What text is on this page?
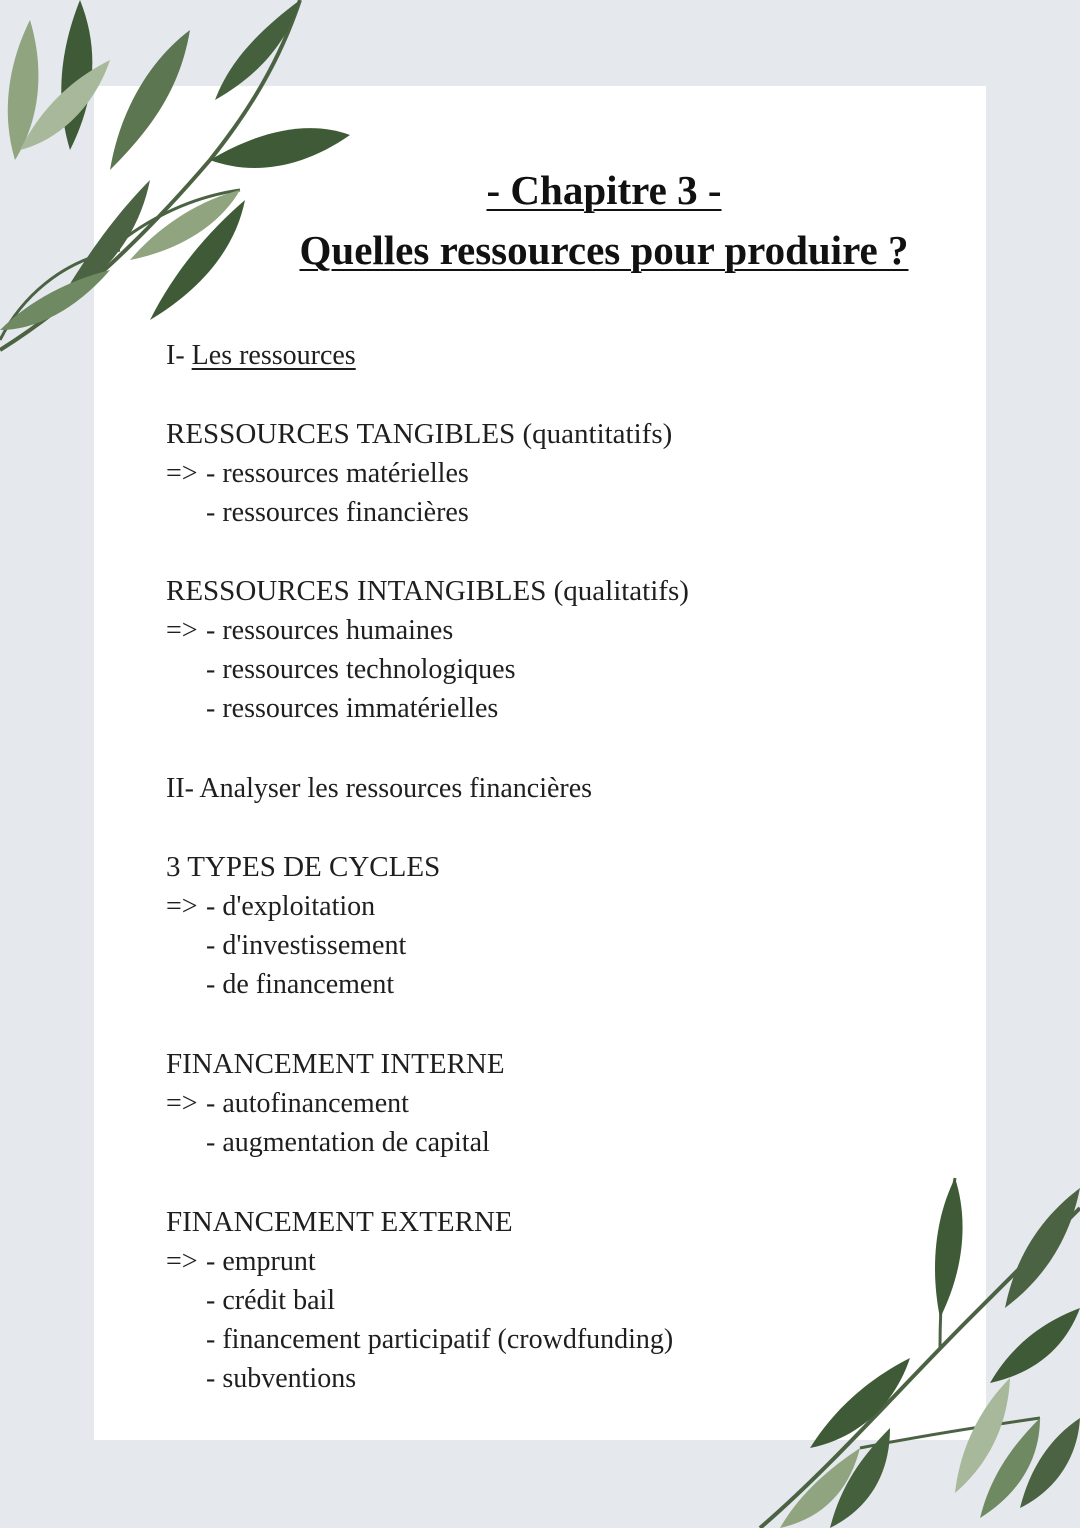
- Chapitre 3 -
Quelles ressources pour produire ?
I- Les ressources
RESSOURCES TANGIBLES (quantitatifs)
=> - ressources matérielles
- ressources financières
RESSOURCES INTANGIBLES (qualitatifs)
=> - ressources humaines
- ressources technologiques
- ressources immatérielles
II- Analyser les ressources financières
3 TYPES DE CYCLES
=> - d'exploitation
- d'investissement
- de financement
FINANCEMENT INTERNE
=> - autofinancement
- augmentation de capital
FINANCEMENT EXTERNE
=> - emprunt
- crédit bail
- financement participatif (crowdfunding)
- subventions
